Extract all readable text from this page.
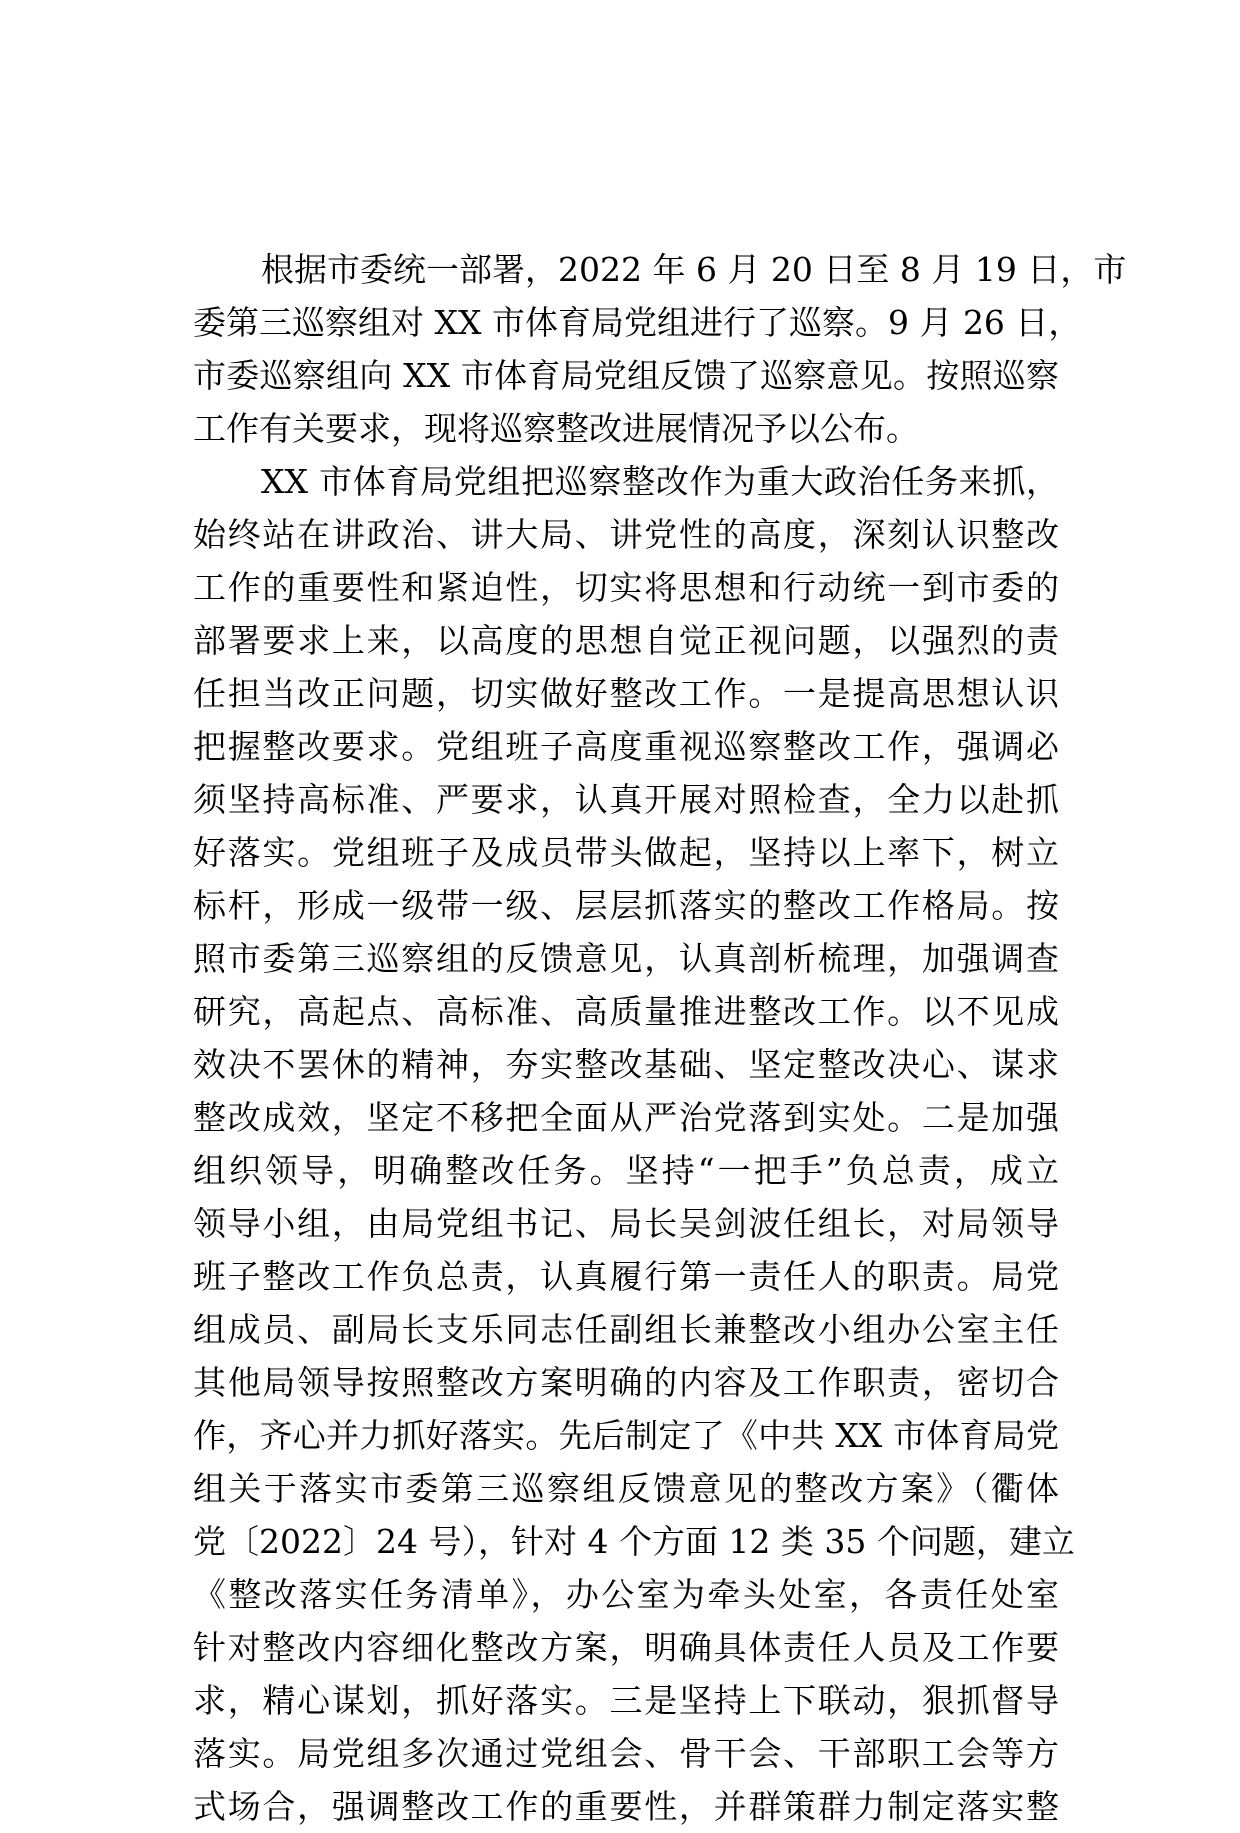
根据市委统一部署，2022 年 6 月 20 日至 8 月 19 日，市
委第三巡察组对 XX 市体育局党组进行了巡察。9 月 26 日，
市委巡察组向 XX 市体育局党组反馈了巡察意见。按照巡察
工作有关要求，现将巡察整改进展情况予以公布。
XX 市体育局党组把巡察整改作为重大政治任务来抓，
始终站在讲政治、讲大局、讲党性的高度，深刻认识整改
工作的重要性和紧迫性，切实将思想和行动统一到市委的
部署要求上来，以高度的思想自觉正视问题，以强烈的责
任担当改正问题，切实做好整改工作。一是提高思想认识
把握整改要求。党组班子高度重视巡察整改工作，强调必
须坚持高标准、严要求，认真开展对照检查，全力以赴抓
好落实。党组班子及成员带头做起，坚持以上率下，树立
标杆，形成一级带一级、层层抓落实的整改工作格局。按
照市委第三巡察组的反馈意见，认真剖析梳理，加强调查
研究，高起点、高标准、高质量推进整改工作。以不见成
效决不罢休的精神，夯实整改基础、坚定整改决心、谋求
整改成效，坚定不移把全面从严治党落到实处。二是加强
组织领导，明确整改任务。坚持“一把手”负总责，成立
领导小组，由局党组书记、局长吴剑波任组长，对局领导
班子整改工作负总责，认真履行第一责任人的职责。局党
组成员、副局长支乐同志任副组长兼整改小组办公室主任
其他局领导按照整改方案明确的内容及工作职责，密切合
作，齐心并力抓好落实。先后制定了《中共 XX 市体育局党
组关于落实市委第三巡察组反馈意见的整改方案》（衢体
党〔2022〕24 号），针对 4 个方面 12 类 35 个问题，建立
《整改落实任务清单》，办公室为牵头处室，各责任处室
针对整改内容细化整改方案，明确具体责任人员及工作要
求，精心谋划，抓好落实。三是坚持上下联动，狠抓督导
落实。局党组多次通过党组会、骨干会、干部职工会等方
式场合，强调整改工作的重要性，并群策群力制定落实整
